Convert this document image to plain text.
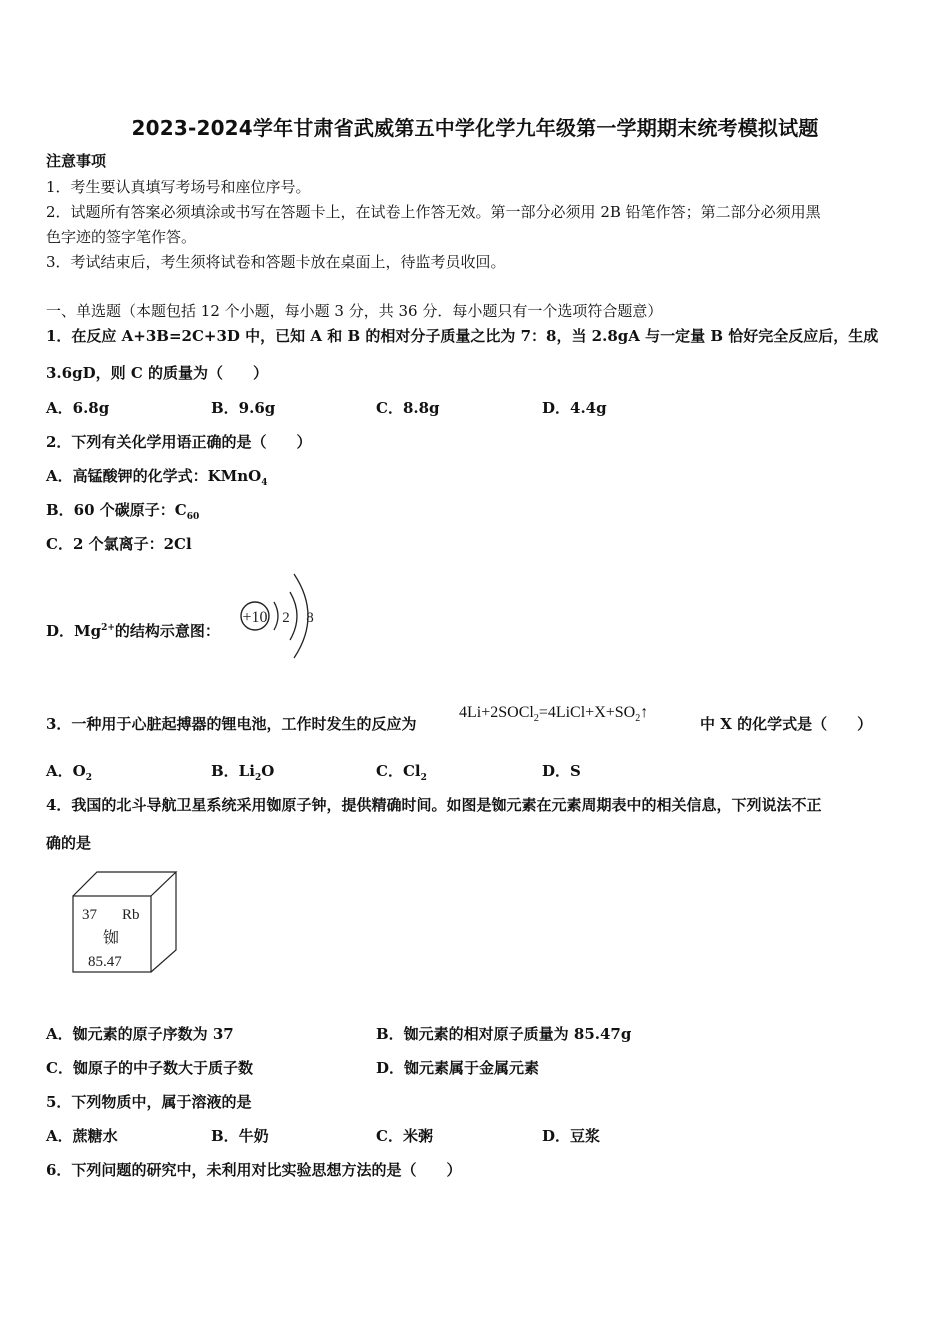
2023-2024学年甘肃省武威第五中学化学九年级第一学期期末统考模拟试题
注意事项
1．考生要认真填写考场号和座位序号。
2．试题所有答案必须填涂或书写在答题卡上，在试卷上作答无效。第一部分必须用 2B 铅笔作答；第二部分必须用黑
色字迹的签字笔作答。
3．考试结束后，考生须将试卷和答题卡放在桌面上，待监考员收回。
一、单选题（本题包括 12 个小题，每小题 3 分，共 36 分．每小题只有一个选项符合题意）
1．在反应 A+3B=2C+3D 中，已知 A 和 B 的相对分子质量之比为 7：8，当 2.8gA 与一定量 B 恰好完全反应后，生成
3.6gD，则 C 的质量为（　　）
A．6.8g	B．9.6g	C．8.8g	D．4.4g
2．下列有关化学用语正确的是（　　）
A．高锰酸钾的化学式：KMnO$_4$
B．60 个碳原子：$C_{60}$
C．2 个氯离子：2Cl
D．$Mg^{2+}$的结构示意图：
+10 2 8
3．一种用于心脏起搏器的锂电池，工作时发生的反应为
$4Li+2SOCl_2=4LiCl+X+SO_2↑$
中 X 的化学式是（　　）
A．$O_2$	B．$Li_2O$	C．$Cl_2$	D．S
4．我国的北斗导航卫星系统采用铷原子钟，提供精确时间。如图是铷元素在元素周期表中的相关信息，下列说法不正
确的是
37 Rb
铷
85.47
A．铷元素的原子序数为 37	B．铷元素的相对原子质量为 85.47g
C．铷原子的中子数大于质子数	D．铷元素属于金属元素
5．下列物质中，属于溶液的是
A．蔗糖水	B．牛奶	C．米粥	D．豆浆
6．下列问题的研究中，未利用对比实验思想方法的是（　　）
